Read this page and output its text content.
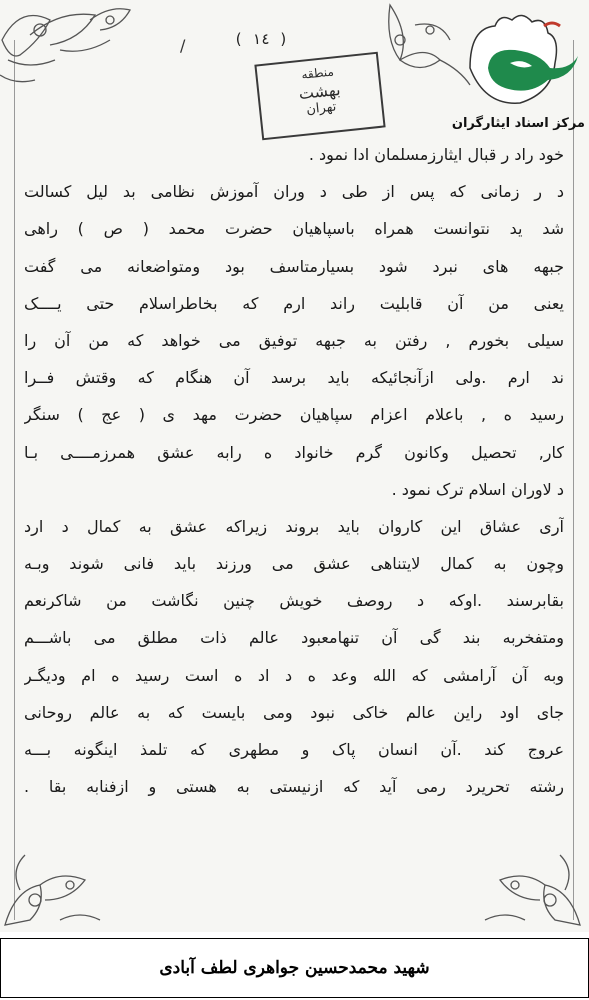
/	( ١٤ )
منطقه
بهشت
تهران
مرکز اسناد ایثارگران
خود راد ر قبال ایثارزمسلمان ادا نمود .
د ر زمانی که پس از طی د وران آموزش نظامی بد لیل کسالت
شد ید نتوانست همراه باسپاهیان حضرت محمد ( ص ) راهی
جبهه های نبرد شود بسیارمتاسف بود ومتواضعانه می گفت
یعنی من آن قابلیت راند ارم که بخاطراسلام حتی یــــک
سیلی بخورم , رفتن به جبهه توفیق می خواهد که من آن را
ند ارم .ولی ازآنجائیکه باید برسد آن هنگام که وقتش فــرا
رسید ه , باعلام اعزام سپاهیان حضرت مهد ی ( عج ) سنگر
کار, تحصیل وکانون گرم خانواد ه رابه عشق همرزمــــی بـا
د لاوران اسلام ترک نمود .
آری عشاق این کاروان باید بروند زیراکه عشق به کمال د ارد
وچون به کمال لایتناهی عشق می ورزند باید فانی شوند وبـه
بقابرسند .اوکه د روصف خویش چنین نگاشت من شاکرنعم
ومتفخربه بند گی آن تنهامعبود عالم ذات مطلق می باشـــم
وبه آن آرامشی که الله وعد ه د اد ه است رسید ه ام ودیگـر
جای اود راین عالم خاکی نبود ومی بایست که به عالم روحانی
عروج کند .آن انسان پاک و مطهری که تلمذ اینگونه بـــه
رشته تحریرد رمی آید که ازنیستی به هستی و ازفنابه بقا .
شهید محمدحسین جواهری لطف آبادی
